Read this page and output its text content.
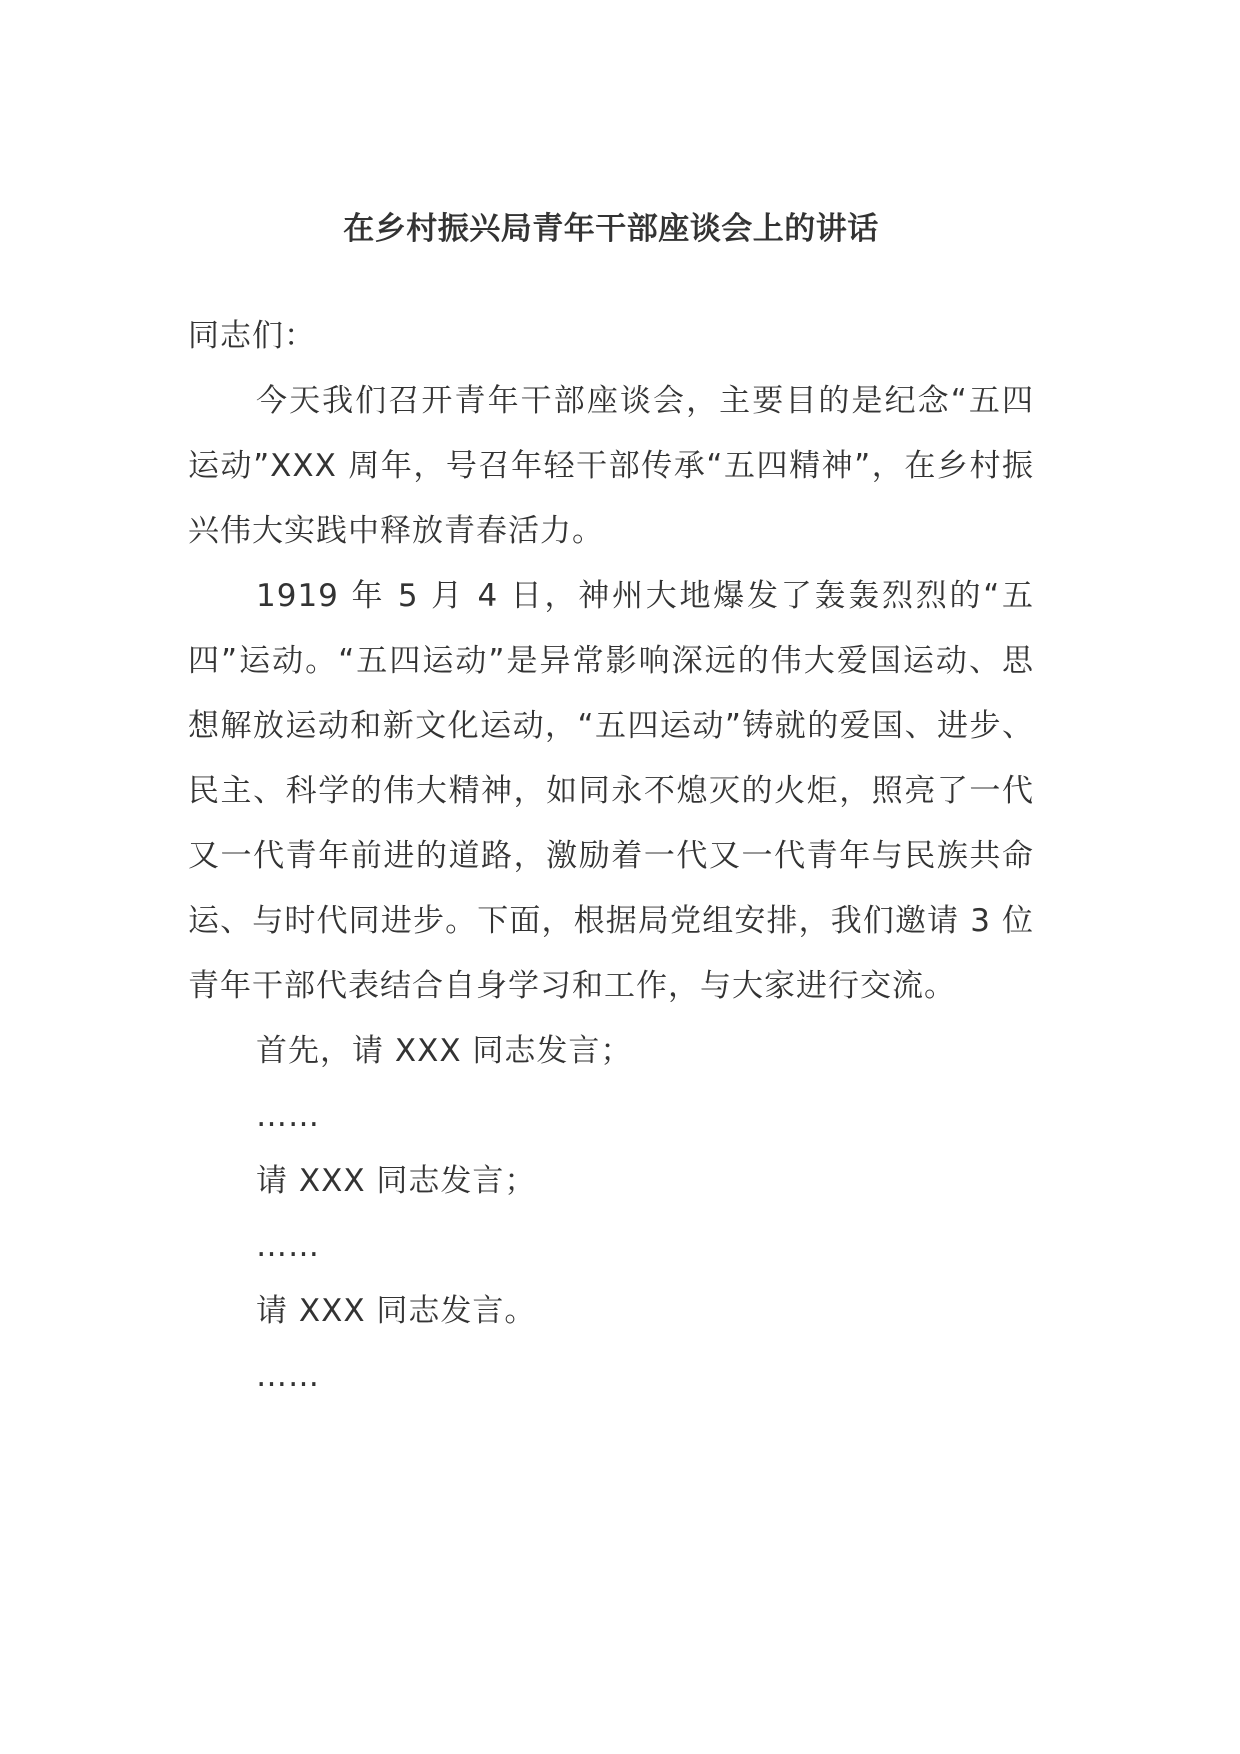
在乡村振兴局青年干部座谈会上的讲话

同志们：

今天我们召开青年干部座谈会，主要目的是纪念“五四运动”XXX 周年，号召年轻干部传承“五四精神”，在乡村振兴伟大实践中释放青春活力。

1919 年 5 月 4 日，神州大地爆发了轰轰烈烈的“五四”运动。“五四运动”是异常影响深远的伟大爱国运动、思想解放运动和新文化运动，“五四运动”铸就的爱国、进步、民主、科学的伟大精神，如同永不熄灭的火炬，照亮了一代又一代青年前进的道路，激励着一代又一代青年与民族共命运、与时代同进步。下面，根据局党组安排，我们邀请 3 位青年干部代表结合自身学习和工作，与大家进行交流。

首先，请 XXX 同志发言；

……

请 XXX 同志发言；

……

请 XXX 同志发言。

……
